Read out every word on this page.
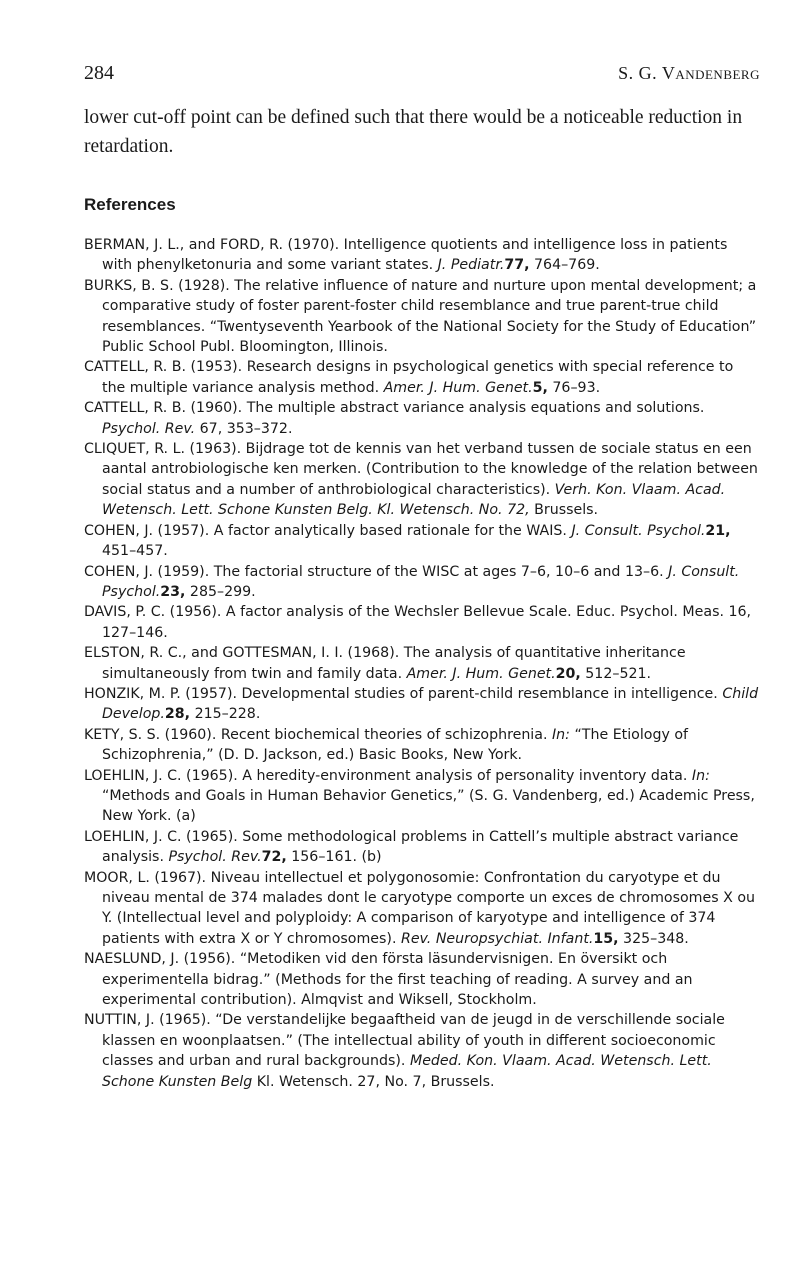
284	S. G. Vandenberg

lower cut-off point can be defined such that there would be a noticeable reduction in retardation.

References

BERMAN, J. L., and FORD, R. (1970). Intelligence quotients and intelligence loss in patients with phenylketonuria and some variant states. J. Pediatr.77, 764–769.

BURKS, B. S. (1928). The relative influence of nature and nurture upon mental development; a comparative study of foster parent-foster child resemblance and true parent-true child resemblances. “Twentyseventh Yearbook of the National Society for the Study of Education” Public School Publ. Bloomington, Illinois.

CATTELL, R. B. (1953). Research designs in psychological genetics with special reference to the multiple variance analysis method. Amer. J. Hum. Genet.5, 76–93.

CATTELL, R. B. (1960). The multiple abstract variance analysis equations and solutions. Psychol. Rev. 67, 353–372.

CLIQUET, R. L. (1963). Bijdrage tot de kennis van het verband tussen de sociale status en een aantal antrobiologische ken merken. (Contribution to the knowledge of the relation between social status and a number of anthrobiological characteristics). Verh. Kon. Vlaam. Acad. Wetensch. Lett. Schone Kunsten Belg. Kl. Wetensch. No. 72, Brussels.

COHEN, J. (1957). A factor analytically based rationale for the WAIS. J. Consult. Psychol.21, 451–457.

COHEN, J. (1959). The factorial structure of the WISC at ages 7–6, 10–6 and 13–6. J. Consult. Psychol.23, 285–299.

DAVIS, P. C. (1956). A factor analysis of the Wechsler Bellevue Scale. Educ. Psychol. Meas. 16, 127–146.

ELSTON, R. C., and GOTTESMAN, I. I. (1968). The analysis of quantitative inheritance simultaneously from twin and family data. Amer. J. Hum. Genet.20, 512–521.

HONZIK, M. P. (1957). Developmental studies of parent-child resemblance in intelligence. Child Develop.28, 215–228.

KETY, S. S. (1960). Recent biochemical theories of schizophrenia. In: “The Etiology of Schizophrenia,” (D. D. Jackson, ed.) Basic Books, New York.

LOEHLIN, J. C. (1965). A heredity-environment analysis of personality inventory data. In: “Methods and Goals in Human Behavior Genetics,” (S. G. Vandenberg, ed.) Academic Press, New York. (a)

LOEHLIN, J. C. (1965). Some methodological problems in Cattell’s multiple abstract variance analysis. Psychol. Rev.72, 156–161. (b)

MOOR, L. (1967). Niveau intellectuel et polygonosomie: Confrontation du caryotype et du niveau mental de 374 malades dont le caryotype comporte un exces de chromosomes X ou Y. (Intellectual level and polyploidy: A comparison of karyotype and intelligence of 374 patients with extra X or Y chromosomes). Rev. Neuropsychiat. Infant.15, 325–348.

NAESLUND, J. (1956). “Metodiken vid den första läsundervisnigen. En översikt och experimentella bidrag.” (Methods for the first teaching of reading. A survey and an experimental contribution). Almqvist and Wiksell, Stockholm.

NUTTIN, J. (1965). “De verstandelijke begaaftheid van de jeugd in de verschillende sociale klassen en woonplaatsen.” (The intellectual ability of youth in different socioeconomic classes and urban and rural backgrounds). Meded. Kon. Vlaam. Acad. Wetensch. Lett. Schone Kunsten Belg Kl. Wetensch. 27, No. 7, Brussels.
